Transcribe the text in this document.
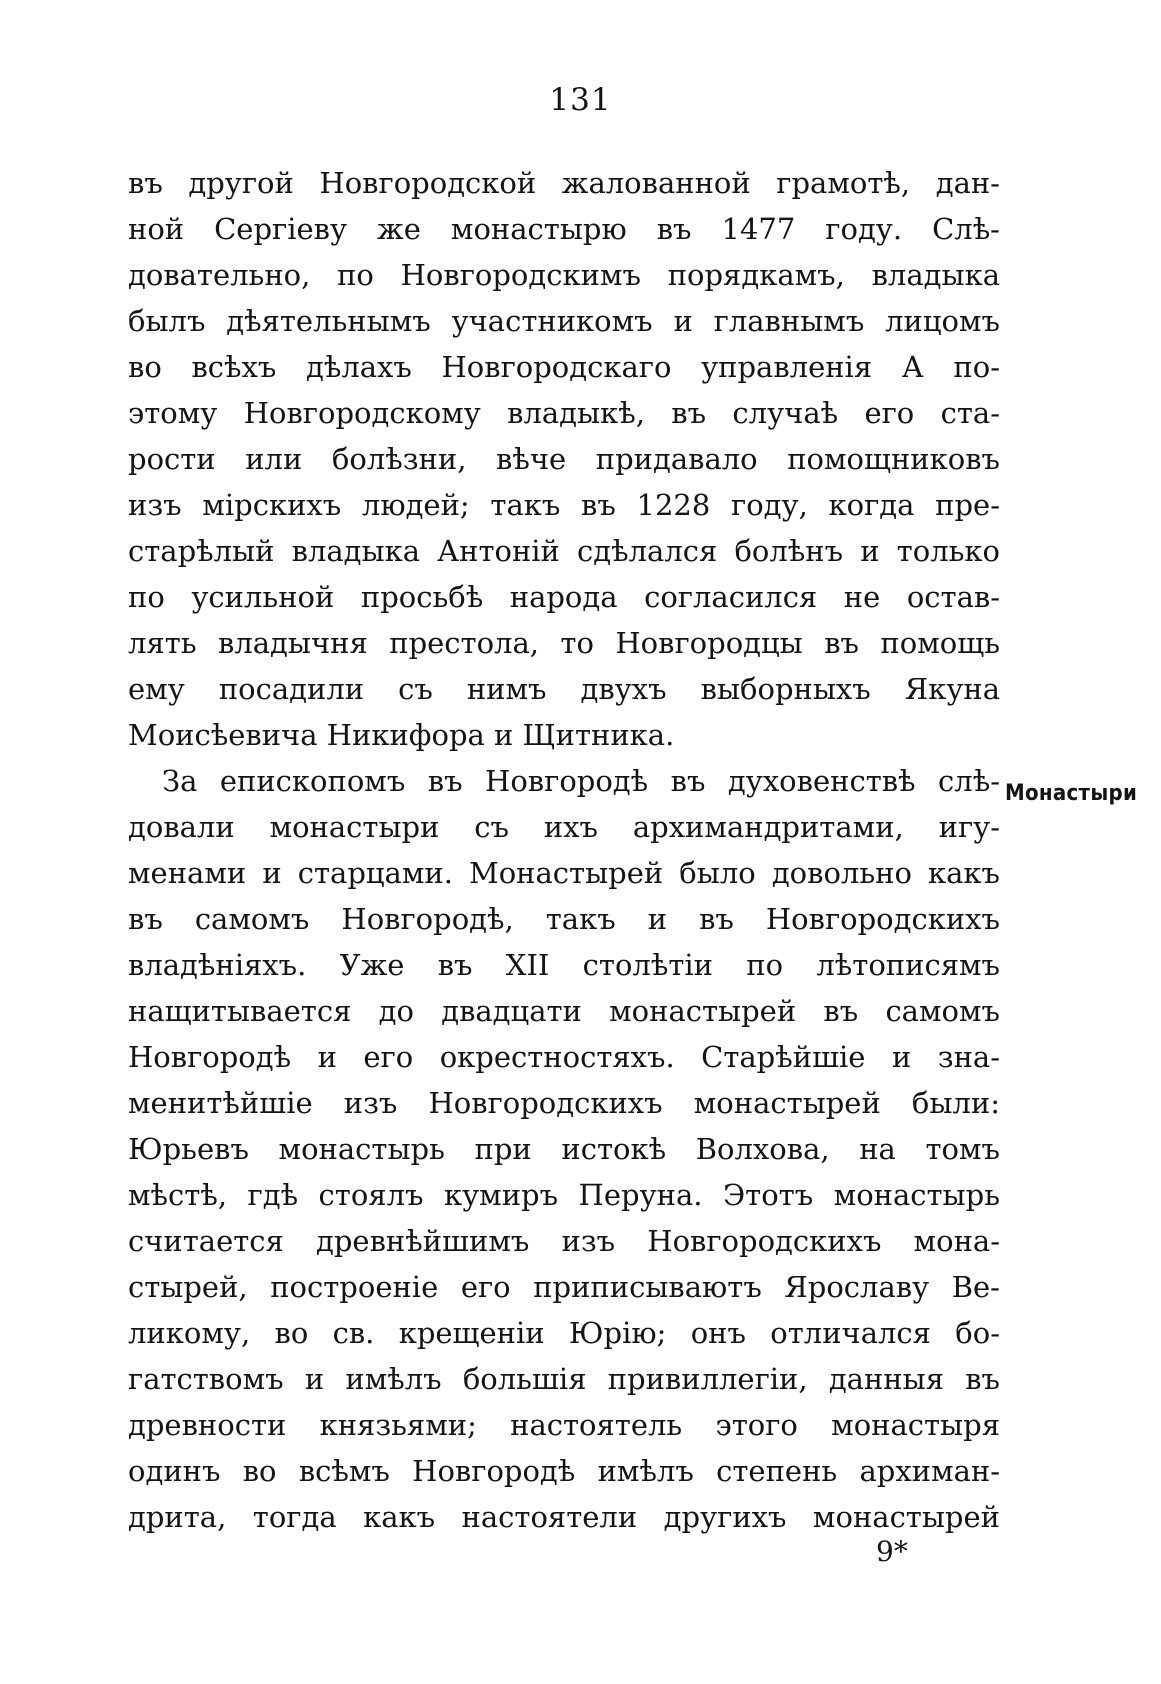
131
въ другой Новгородской жалованной грамотѣ, дан-
ной Сергіеву же монастырю въ 1477 году. Слѣ-
довательно, по Новгородскимъ порядкамъ, владыка
былъ дѣятельнымъ участникомъ и главнымъ лицомъ
во всѣхъ дѣлахъ Новгородскаго управленія А по-
этому Новгородскому владыкѣ, въ случаѣ его ста-
рости или болѣзни, вѣче придавало помощниковъ
изъ мірскихъ людей; такъ въ 1228 году, когда пре-
старѣлый владыка Антоній сдѣлался болѣнъ и только
по усильной просьбѣ народа согласился не остав-
лять владычня престола, то Новгородцы въ помощь
ему посадили съ нимъ двухъ выборныхъ Якуна
Моисѣевича Никифора и Щитника.
За епископомъ въ Новгородѣ въ духовенствѣ слѣ-
довали монастыри съ ихъ архимандритами, игу-
менами и старцами. Монастырей было довольно какъ
въ самомъ Новгородѣ, такъ и въ Новгородскихъ
владѣніяхъ. Уже въ XII столѣтіи по лѣтописямъ
нащитывается до двадцати монастырей въ самомъ
Новгородѣ и его окрестностяхъ. Старѣйшіе и зна-
менитѣйшіе изъ Новгородскихъ монастырей были:
Юрьевъ монастырь при истокѣ Волхова, на томъ
мѣстѣ, гдѣ стоялъ кумиръ Перуна. Этотъ монастырь
считается древнѣйшимъ изъ Новгородскихъ мона-
стырей, построеніе его приписываютъ Ярославу Ве-
ликому, во св. крещеніи Юрію; онъ отличался бо-
гатствомъ и имѣлъ большія привиллегіи, данныя въ
древности князьями; настоятель этого монастыря
одинъ во всѣмъ Новгородѣ имѣлъ степень архиман-
дрита, тогда какъ настоятели другихъ монастырей
Монастыри
9*
